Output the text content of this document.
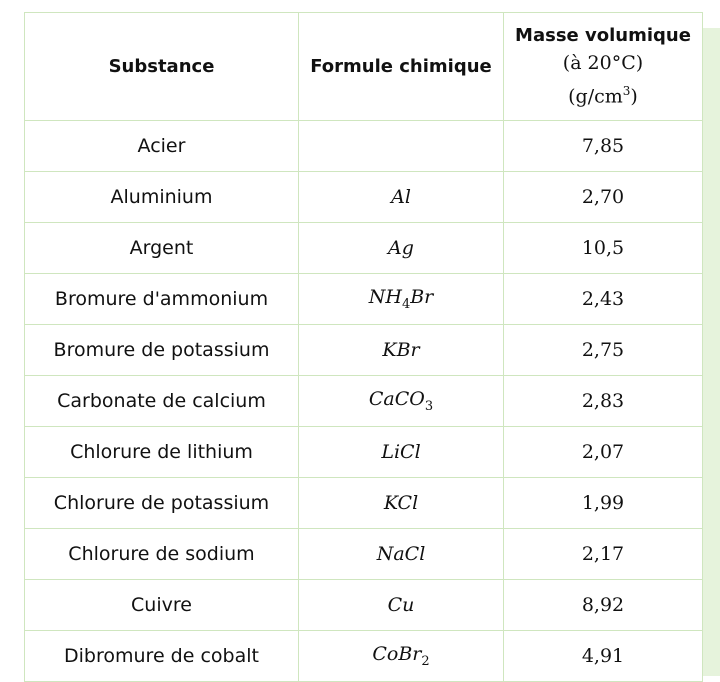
Substance	Formule chimique	Masse volumique
(à 20°C)
$(g/cm^3)$

Acier		7,85
Aluminium	Al	2,70
Argent	Ag	10,5
Bromure d'ammonium	$NH_4Br$	2,43
Bromure de potassium	KBr	2,75
Carbonate de calcium	CaCO$_3$	2,83
Chlorure de lithium	LiCl	2,07
Chlorure de potassium	KCl	1,99
Chlorure de sodium	NaCl	2,17
Cuivre	Cu	8,92
Dibromure de cobalt	CoBr$_2$	4,91
